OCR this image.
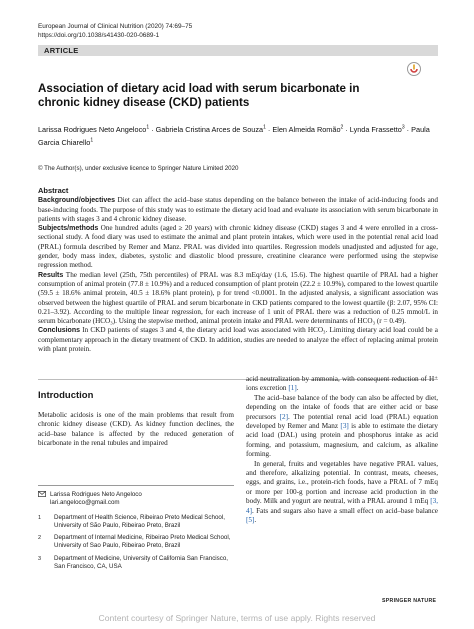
European Journal of Clinical Nutrition (2020) 74:69–75
https://doi.org/10.1038/s41430-020-0689-1
ARTICLE
Association of dietary acid load with serum bicarbonate in chronic kidney disease (CKD) patients
Larissa Rodrigues Neto Angeloco$^1$ · Gabriela Cristina Arces de Souza$^1$ · Elen Almeida Romão$^2$ · Lynda Frassetto$^3$ · Paula Garcia Chiarello$^1$
© The Author(s), under exclusive licence to Springer Nature Limited 2020
Abstract

Background/objectives Diet can affect the acid–base status depending on the balance between the intake of acid-inducing foods and base-inducing foods. The purpose of this study was to estimate the dietary acid load and evaluate its association with serum bicarbonate in patients with stages 3 and 4 chronic kidney disease.

Subjects/methods One hundred adults (aged ≥ 20 years) with chronic kidney disease (CKD) stages 3 and 4 were enrolled in a cross-sectional study. A food diary was used to estimate the animal and plant protein intakes, which were used in the potential renal acid load (PRAL) formula described by Remer and Manz. PRAL was divided into quartiles. Regression models unadjusted and adjusted for age, gender, body mass index, diabetes, systolic and diastolic blood pressure, creatinine clearance were performed using the stepwise regression method.

Results The median level (25th, 75th percentiles) of PRAL was 8.3 mEq/day (1.6, 15.6). The highest quartile of PRAL had a higher consumption of animal protein (77.8 ± 10.9%) and a reduced consumption of plant protein (22.2 ± 10.9%), compared to the lowest quartile (59.5 ± 18.6% animal protein, 40.5 ± 18.6% plant protein), p for trend <0.0001. In the adjusted analysis, a significant association was observed between the highest quartile of PRAL and serum bicarbonate in CKD patients compared to the lowest quartile (β: 2.07, 95% CI: 0.21–3.92). According to the multiple linear regression, for each increase of 1 unit of PRAL there was a reduction of 0.25 mmol/L in serum bicarbonate (HCO₃). Using the stepwise method, animal protein intake and PRAL were determinants of HCO₃ (r = 0.49).

Conclusions In CKD patients of stages 3 and 4, the dietary acid load was associated with HCO₃. Limiting dietary acid load could be a complementary approach in the dietary treatment of CKD. In addition, studies are needed to analyze the effect of replacing animal protein with plant protein.

Introduction

Metabolic acidosis is one of the main problems that result from chronic kidney disease (CKD). As kidney function declines, the acid–base balance is affected by the reduced generation of bicarbonate in the renal tubules and impaired

acid neutralization by ammonia, with consequent reduction of H⁺ ions excretion [1].

The acid–base balance of the body can also be affected by diet, depending on the intake of foods that are either acid or base precursors [2]. The potential renal acid load (PRAL) equation developed by Remer and Manz [3] is able to estimate the dietary acid load (DAL) using protein and phosphorus intake as acid forming, and potassium, magnesium, and calcium, as alkaline forming.

In general, fruits and vegetables have negative PRAL values, and therefore, alkalizing potential. In contrast, meats, cheeses, eggs, and grains, i.e., protein-rich foods, have a PRAL of 7 mEq or more per 100-g portion and increase acid production in the body. Milk and yogurt are neutral, with a PRAL around 1 mEq [3, 4]. Fats and sugars also have a small effect on acid–base balance [5].

Larissa Rodrigues Neto Angeloco
lari.angeloco@gmail.com
1 Department of Health Science, Ribeirao Preto Medical School, University of São Paulo, Ribeirao Preto, Brazil
2 Department of Internal Medicine, Ribeirao Preto Medical School, University of Sao Paulo, Ribeirao Preto, Brazil
3 Department of Medicine, University of California San Francisco, San Francisco, CA, USA
SPRINGER NATURE
Content courtesy of Springer Nature, terms of use apply. Rights reserved
